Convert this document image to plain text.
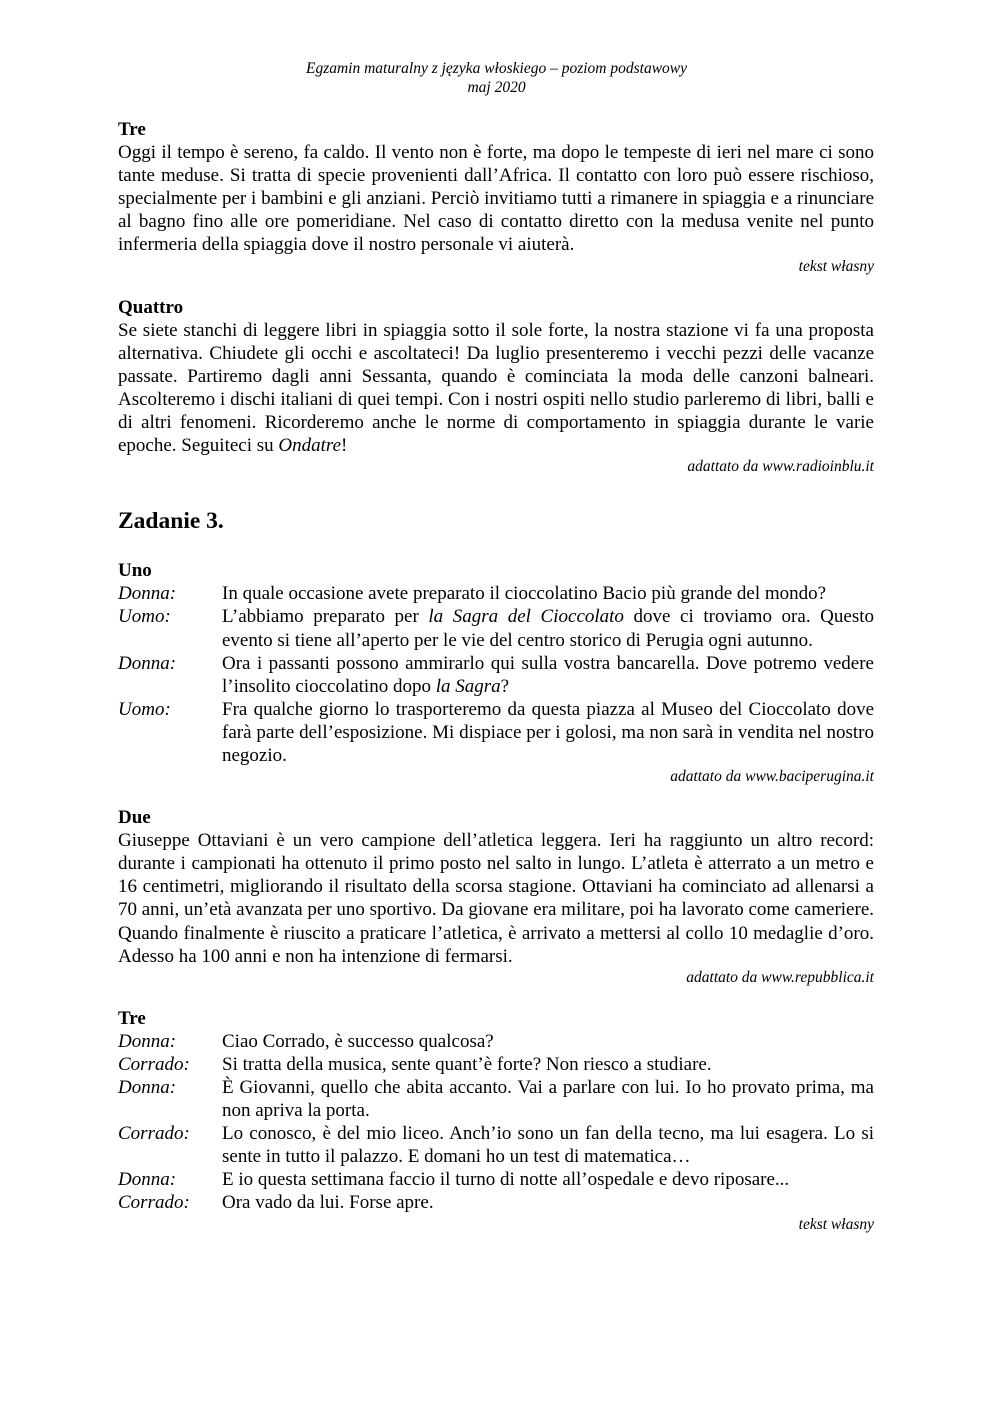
Egzamin maturalny z języka włoskiego – poziom podstawowy
maj 2020

Tre

Oggi il tempo è sereno, fa caldo. Il vento non è forte, ma dopo le tempeste di ieri nel mare ci sono tante meduse. Si tratta di specie provenienti dall’Africa. Il contatto con loro può essere rischioso, specialmente per i bambini e gli anziani. Perciò invitiamo tutti a rimanere in spiaggia e a rinunciare al bagno fino alle ore pomeridiane. Nel caso di contatto diretto con la medusa venite nel punto infermeria della spiaggia dove il nostro personale vi aiuterà.

tekst własny

Quattro

Se siete stanchi di leggere libri in spiaggia sotto il sole forte, la nostra stazione vi fa una proposta alternativa. Chiudete gli occhi e ascoltateci! Da luglio presenteremo i vecchi pezzi delle vacanze passate. Partiremo dagli anni Sessanta, quando è cominciata la moda delle canzoni balneari. Ascolteremo i dischi italiani di quei tempi. Con i nostri ospiti nello studio parleremo di libri, balli e di altri fenomeni. Ricorderemo anche le norme di comportamento in spiaggia durante le varie epoche. Seguiteci su Ondatre!

adattato da www.radioinblu.it

Zadanie 3.

Uno

Donna:	In quale occasione avete preparato il cioccolatino Bacio più grande del mondo?
Uomo:	L’abbiamo preparato per la Sagra del Cioccolato dove ci troviamo ora. Questo evento si tiene all’aperto per le vie del centro storico di Perugia ogni autunno.
Donna:	Ora i passanti possono ammirarlo qui sulla vostra bancarella. Dove potremo vedere l’insolito cioccolatino dopo la Sagra?
Uomo:	Fra qualche giorno lo trasporteremo da questa piazza al Museo del Cioccolato dove farà parte dell’esposizione. Mi dispiace per i golosi, ma non sarà in vendita nel nostro negozio.

adattato da www.baciperugina.it

Due

Giuseppe Ottaviani è un vero campione dell’atletica leggera. Ieri ha raggiunto un altro record: durante i campionati ha ottenuto il primo posto nel salto in lungo. L’atleta è atterrato a un metro e 16 centimetri, migliorando il risultato della scorsa stagione. Ottaviani ha cominciato ad allenarsi a 70 anni, un’età avanzata per uno sportivo. Da giovane era militare, poi ha lavorato come cameriere. Quando finalmente è riuscito a praticare l’atletica, è arrivato a mettersi al collo 10 medaglie d’oro. Adesso ha 100 anni e non ha intenzione di fermarsi.

adattato da www.repubblica.it

Tre

Donna:	Ciao Corrado, è successo qualcosa?
Corrado:	Si tratta della musica, sente quant’è forte? Non riesco a studiare.
Donna:	È Giovanni, quello che abita accanto. Vai a parlare con lui. Io ho provato prima, ma non apriva la porta.
Corrado:	Lo conosco, è del mio liceo. Anch’io sono un fan della tecno, ma lui esagera. Lo si sente in tutto il palazzo. E domani ho un test di matematica…
Donna:	E io questa settimana faccio il turno di notte all’ospedale e devo riposare...
Corrado:	Ora vado da lui. Forse apre.

tekst własny
